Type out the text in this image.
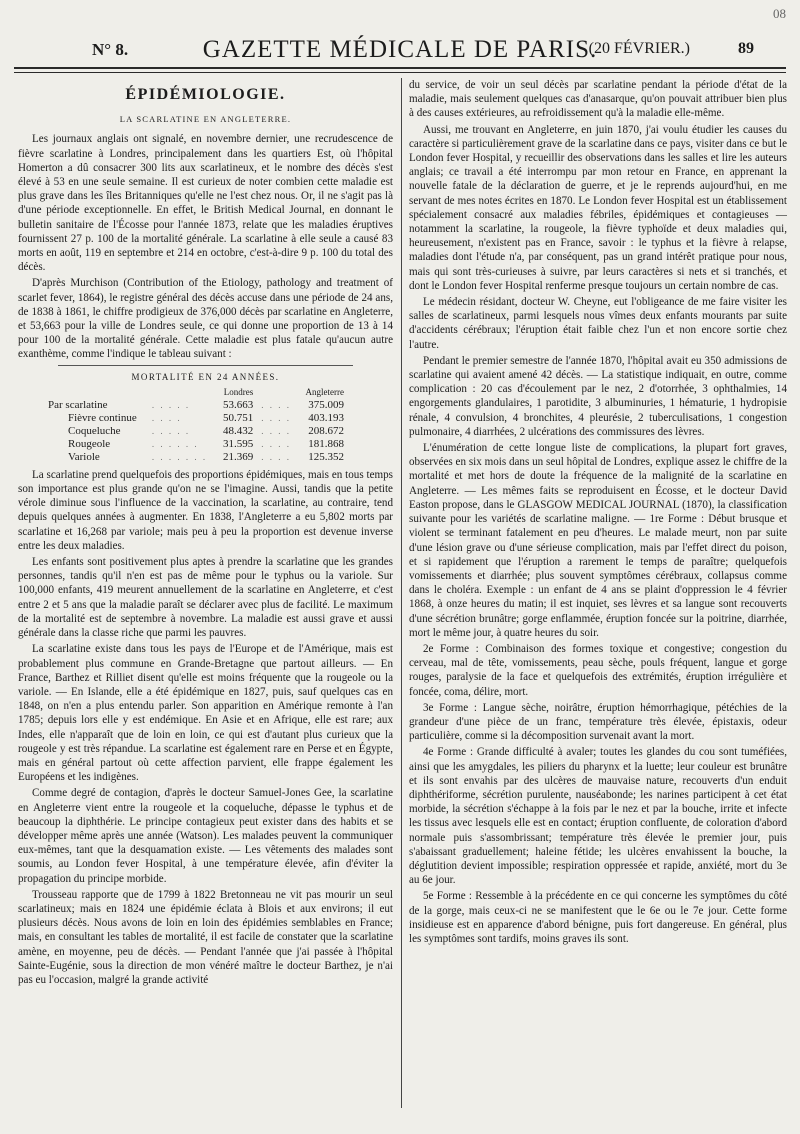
08
N° 8.	GAZETTE MÉDICALE DE PARIS.
(20 FÉVRIER.)	89
ÉPIDÉMIOLOGIE.
LA SCARLATINE EN ANGLETERRE.

Les journaux anglais ont signalé, en novembre dernier, une recrudescence de fièvre scarlatine à Londres, principalement dans les quartiers Est, où l'hôpital Homerton a dû consacrer 300 lits aux scarlatineux, et le nombre des décès s'est élevé à 53 en une seule semaine. Il est curieux de noter combien cette maladie est plus grave dans les îles Britanniques qu'elle ne l'est chez nous. Or, il ne s'agit pas là d'une période exceptionnelle. En effet, le British Medical Journal, en donnant le bulletin sanitaire de l'Écosse pour l'année 1873, relate que les maladies éruptives fournissent 27 p. 100 de la mortalité générale. La scarlatine à elle seule a causé 83 morts en août, 119 en septembre et 214 en octobre, c'est-à-dire 9 p. 100 du total des décès.

D'après Murchison (Contribution of the Etiology, pathology and treatment of scarlet fever, 1864), le registre général des décès accuse dans une période de 24 ans, de 1838 à 1861, le chiffre prodigieux de 376,000 décès par scarlatine en Angleterre, et 53,663 pour la ville de Londres seule, ce qui donne une proportion de 13 à 14 pour 100 de la mortalité générale. Cette maladie est plus fatale qu'aucun autre exanthème, comme l'indique le tableau suivant :

MORTALITÉ EN 24 ANNÉES.
		Londres		Angleterre
Par scarlatine	. . . . .	53.663	. . . .	375.009
Fièvre continue	. . . .	50.751	. . . .	403.193
Coqueluche	. . . . .	48.432	. . . .	208.672
Rougeole	. . . . . .	31.595	. . . .	181.868
Variole	. . . . . . .	21.369	. . . .	125.352

La scarlatine prend quelquefois des proportions épidémiques, mais en tous temps son importance est plus grande qu'on ne se l'imagine. Aussi, tandis que la petite vérole diminue sous l'influence de la vaccination, la scarlatine, au contraire, tend depuis quelques années à augmenter. En 1838, l'Angleterre a eu 5,802 morts par scarlatine et 16,268 par variole; mais peu à peu la proportion est devenue inverse entre les deux maladies.

Les enfants sont positivement plus aptes à prendre la scarlatine que les grandes personnes, tandis qu'il n'en est pas de même pour le typhus ou la variole. Sur 100,000 enfants, 419 meurent annuellement de la scarlatine en Angleterre, et c'est entre 2 et 5 ans que la maladie paraît se déclarer avec plus de facilité. Le maximum de la mortalité est de septembre à novembre. La maladie est aussi grave et aussi générale dans la classe riche que parmi les pauvres.

La scarlatine existe dans tous les pays de l'Europe et de l'Amérique, mais est probablement plus commune en Grande-Bretagne que partout ailleurs. — En France, Barthez et Rilliet disent qu'elle est moins fréquente que la rougeole ou la variole. — En Islande, elle a été épidémique en 1827, puis, sauf quelques cas en 1848, on n'en a plus entendu parler. Son apparition en Amérique remonte à l'an 1785; depuis lors elle y est endémique. En Asie et en Afrique, elle est rare; aux Indes, elle n'apparaît que de loin en loin, ce qui est d'autant plus curieux que la rougeole y est très répandue. La scarlatine est également rare en Perse et en Égypte, mais en général partout où cette affection parvient, elle frappe également les Européens et les indigènes.

Comme degré de contagion, d'après le docteur Samuel-Jones Gee, la scarlatine en Angleterre vient entre la rougeole et la coqueluche, dépasse le typhus et de beaucoup la diphthérie. Le principe contagieux peut exister dans des habits et se développer même après une année (Watson). Les malades peuvent la communiquer eux-mêmes, tant que la desquamation existe. — Les vêtements des malades sont soumis, au London fever Hospital, à une température élevée, afin d'éviter la propagation du principe morbide.

Trousseau rapporte que de 1799 à 1822 Bretonneau ne vit pas mourir un seul scarlatineux; mais en 1824 une épidémie éclata à Blois et aux environs; il eut plusieurs décès. Nous avons de loin en loin des épidémies semblables en France; mais, en consultant les tables de mortalité, il est facile de constater que la scarlatine amène, en moyenne, peu de décès. — Pendant l'année que j'ai passée à l'hôpital Sainte-Eugénie, sous la direction de mon vénéré maître le docteur Barthez, je n'ai pas eu l'occasion, malgré la grande activité

du service, de voir un seul décès par scarlatine pendant la période d'état de la maladie, mais seulement quelques cas d'anasarque, qu'on pouvait attribuer bien plus à des causes extérieures, au refroidissement qu'à la maladie elle-même.

Aussi, me trouvant en Angleterre, en juin 1870, j'ai voulu étudier les causes du caractère si particulièrement grave de la scarlatine dans ce pays, visiter dans ce but le London fever Hospital, y recueillir des observations dans les salles et lire les auteurs anglais; ce travail a été interrompu par mon retour en France, en apprenant la nouvelle fatale de la déclaration de guerre, et je le reprends aujourd'hui, en me servant de mes notes écrites en 1870. Le London fever Hospital est un établissement spécialement consacré aux maladies fébriles, épidémiques et contagieuses — notamment la scarlatine, la rougeole, la fièvre typhoïde et deux maladies qui, heureusement, n'existent pas en France, savoir : le typhus et la fièvre à relapse, maladies dont l'étude n'a, par conséquent, pas un grand intérêt pratique pour nous, mais qui sont très-curieuses à suivre, par leurs caractères si nets et si tranchés, et dont le London fever Hospital renferme presque toujours un certain nombre de cas.

Le médecin résidant, docteur W. Cheyne, eut l'obligeance de me faire visiter les salles de scarlatineux, parmi lesquels nous vîmes deux enfants mourants par suite d'accidents cérébraux; l'éruption était faible chez l'un et non encore sortie chez l'autre.

Pendant le premier semestre de l'année 1870, l'hôpital avait eu 350 admissions de scarlatine qui avaient amené 42 décès. — La statistique indiquait, en outre, comme complication : 20 cas d'écoulement par le nez, 2 d'otorrhée, 3 ophthalmies, 14 engorgements glandulaires, 1 parotidite, 3 albuminuries, 1 hématurie, 1 hydropisie rénale, 4 convulsion, 4 bronchites, 4 pleurésie, 2 tuberculisations, 1 congestion pulmonaire, 4 diarrhées, 2 ulcérations des commissures des lèvres.

L'énumération de cette longue liste de complications, la plupart fort graves, observées en six mois dans un seul hôpital de Londres, explique assez le chiffre de la mortalité et met hors de doute la fréquence de la malignité de la scarlatine en Angleterre. — Les mêmes faits se reproduisent en Écosse, et le docteur David Easton propose, dans le GLASGOW MEDICAL JOURNAL (1870), la classification suivante pour les variétés de scarlatine maligne. — 1re Forme : Début brusque et violent se terminant fatalement en peu d'heures. Le malade meurt, non par suite d'une lésion grave ou d'une sérieuse complication, mais par l'effet direct du poison, et si rapidement que l'éruption a rarement le temps de paraître; quelquefois vomissements et diarrhée; plus souvent symptômes cérébraux, collapsus comme dans le choléra. Exemple : un enfant de 4 ans se plaint d'oppression le 4 février 1868, à onze heures du matin; il est inquiet, ses lèvres et sa langue sont recouverts d'une sécrétion brunâtre; gorge enflammée, éruption foncée sur la poitrine, diarrhée, mort le même jour, à quatre heures du soir.

2e Forme : Combinaison des formes toxique et congestive; congestion du cerveau, mal de tête, vomissements, peau sèche, pouls fréquent, langue et gorge rouges, paralysie de la face et quelquefois des extrémités, éruption irrégulière et foncée, coma, délire, mort.

3e Forme : Langue sèche, noirâtre, éruption hémorrhagique, pétéchies de la grandeur d'une pièce de un franc, température très élevée, épistaxis, odeur particulière, comme si la décomposition survenait avant la mort.

4e Forme : Grande difficulté à avaler; toutes les glandes du cou sont tuméfiées, ainsi que les amygdales, les piliers du pharynx et la luette; leur couleur est brunâtre et ils sont envahis par des ulcères de mauvaise nature, recouverts d'un enduit diphthériforme, sécrétion purulente, nauséabonde; les narines participent à cet état morbide, la sécrétion s'échappe à la fois par le nez et par la bouche, irrite et infecte les tissus avec lesquels elle est en contact; éruption confluente, de coloration d'abord normale puis s'assombrissant; température très élevée le premier jour, puis s'abaissant graduellement; haleine fétide; les ulcères envahissent la bouche, la déglutition devient impossible; respiration oppressée et rapide, anxiété, mort du 3e au 6e jour.

5e Forme : Ressemble à la précédente en ce qui concerne les symptômes du côté de la gorge, mais ceux-ci ne se manifestent que le 6e ou le 7e jour. Cette forme insidieuse est en apparence d'abord bénigne, puis fort dangereuse. En général, plus les symptômes sont tardifs, moins graves ils sont.
